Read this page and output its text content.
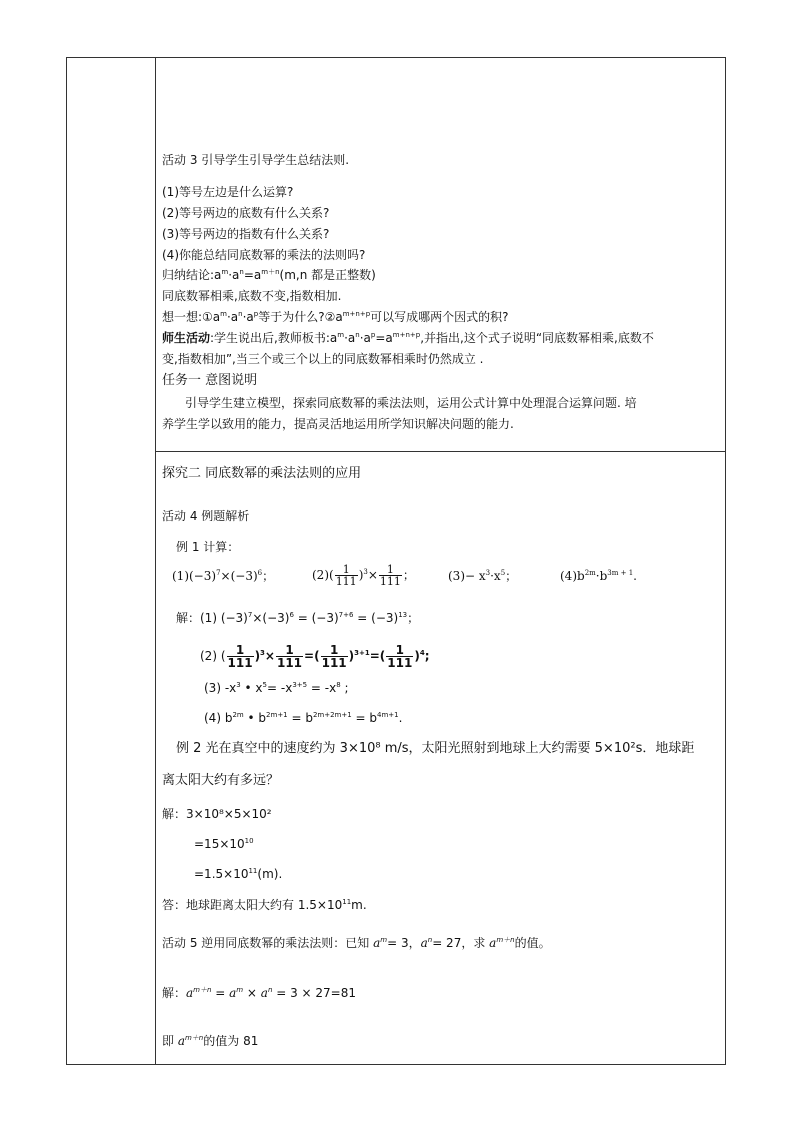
活动 3 引导学生引导学生总结法则.
(1)等号左边是什么运算?
(2)等号两边的底数有什么关系?
(3)等号两边的指数有什么关系?
(4)你能总结同底数幂的乘法的法则吗?
归纳结论$:a^m\cdot a^n=a^{m+n}(m,n$ 都是正整数)
同底数幂相乘,底数不变,指数相加.
想一想$:①a^m\cdot a^n\cdot a^p$等于为什么$?②a^{m+n+p}$可以写成哪两个因式的积?
师生活动:学生说出后,教师板书$:a^m\cdot a^n\cdot a^p=a^{m+n+p}$,并指出,这个式子说明“同底数幂相乘,底数不
变,指数相加”,当三个或三个以上的同底数幂相乘时仍然成立 .
任务一 意图说明
引导学生建立模型，探索同底数幂的乘法法则，运用公式计算中处理混合运算问题. 培
养学生学以致用的能力，提高灵活地运用所学知识解决问题的能力.
探究二 同底数幂的乘法法则的应用
活动 4 例题解析
例 1 计算：
$(1)(-3)^7\times(-3)^6$；	$(2)( \frac{1}{111} )^3\times \frac{1}{111}$ ；	$(3)- x^3\cdot x^5$；	$(4)b^{2m}\cdot b^{3m + 1}$.
解：(1) $(-3)^7\times(-3)^6 = (-3)^{7+6} = (-3)^{13}$；
(2) ( $\frac{1}{111} )^3\times \frac{1}{111}$ =( $\frac{1}{111} )^{3+1}=( \frac{1}{111} )^4$;
(3) $-x^3$ • $x^5= -x^{3+5} = -x^8$ ;
(4) $b^{2m}$ • $b^{2m+1} = b^{2m+2m+1} = b^{4m+1}$.
例 2 光在真空中的速度约为 3×10⁸ m/s，太阳光照射到地球上大约需要 5×10²s．地球距
离太阳大约有多远？
解：3×10⁸×5×10²
$=15\times 10^{10}$
$=1.5\times 10^{11}(m)$.
答：地球距离太阳大约有 $1.5\times 10^{11}m$.
活动 5 逆用同底数幂的乘法法则：已知 $a^m= 3$，$a^n= 27$，求 $a^{m+n}$的值。
解：$a^{m+n} = a^m \times a^n = 3 \times 27=81$
即 $a^{m+n}$的值为 81
